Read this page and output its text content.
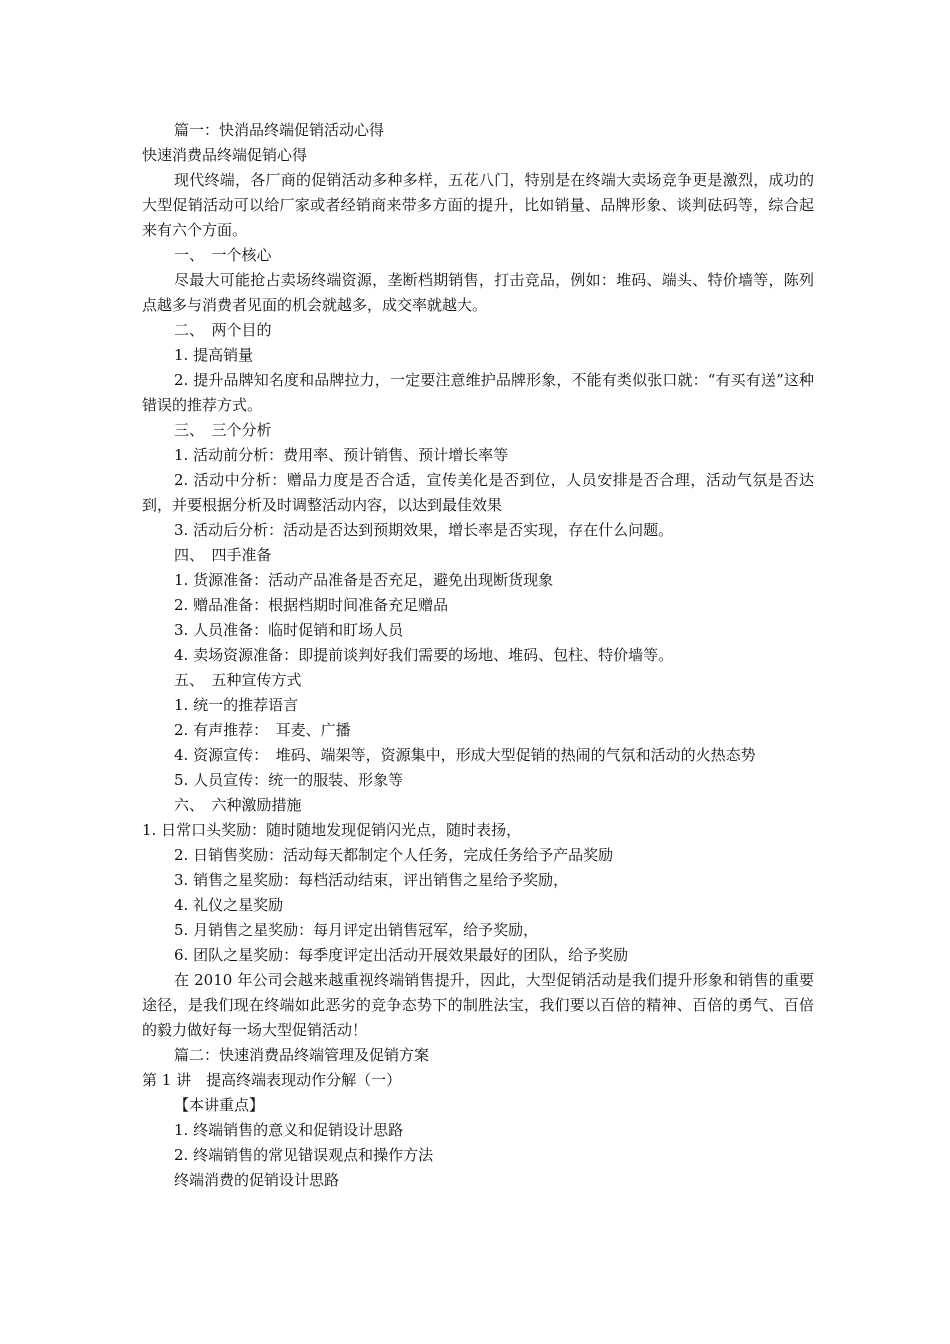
篇一：快消品终端促销活动心得
快速消费品终端促销心得

现代终端，各厂商的促销活动多种多样，五花八门，特别是在终端大卖场竞争更是激烈，成功的大型促销活动可以给厂家或者经销商来带多方面的提升，比如销量、品牌形象、谈判砝码等，综合起来有六个方面。

一、　一个核心

尽最大可能抢占卖场终端资源，垄断档期销售，打击竞品，例如：堆码、端头、特价墙等，陈列点越多与消费者见面的机会就越多，成交率就越大。

二、　两个目的
1. 提高销量

2. 提升品牌知名度和品牌拉力，一定要注意维护品牌形象，不能有类似张口就：“有买有送”这种错误的推荐方式。

三、　三个分析
1. 活动前分析：费用率、预计销售、预计增长率等

2. 活动中分析：赠品力度是否合适，宣传美化是否到位，人员安排是否合理，活动气氛是否达到，并要根据分析及时调整活动内容，以达到最佳效果

3. 活动后分析：活动是否达到预期效果，增长率是否实现，存在什么问题。
四、　四手准备
1. 货源准备：活动产品准备是否充足，避免出现断货现象
2. 赠品准备：根据档期时间准备充足赠品
3. 人员准备：临时促销和盯场人员
4. 卖场资源准备：即提前谈判好我们需要的场地、堆码、包柱、特价墙等。
五、　五种宣传方式
1. 统一的推荐语言
2. 有声推荐：　耳麦、广播

4. 资源宣传：　堆码、端架等，资源集中，形成大型促销的热闹的气氛和活动的火热态势

5. 人员宣传：统一的服装、形象等
六、　六种激励措施
1. 日常口头奖励：随时随地发现促销闪光点，随时表扬，
2. 日销售奖励：活动每天都制定个人任务，完成任务给予产品奖励
3. 销售之星奖励：每档活动结束，评出销售之星给予奖励，
4. 礼仪之星奖励
5. 月销售之星奖励：每月评定出销售冠军，给予奖励，
6. 团队之星奖励：每季度评定出活动开展效果最好的团队，给予奖励

在 2010 年公司会越来越重视终端销售提升，因此，大型促销活动是我们提升形象和销售的重要途径，是我们现在终端如此恶劣的竞争态势下的制胜法宝，我们要以百倍的精神、百倍的勇气、百倍的毅力做好每一场大型促销活动！

篇二：快速消费品终端管理及促销方案
第 1 讲　提高终端表现动作分解（一）
【本讲重点】
1. 终端销售的意义和促销设计思路
2. 终端销售的常见错误观点和操作方法
终端消费的促销设计思路
